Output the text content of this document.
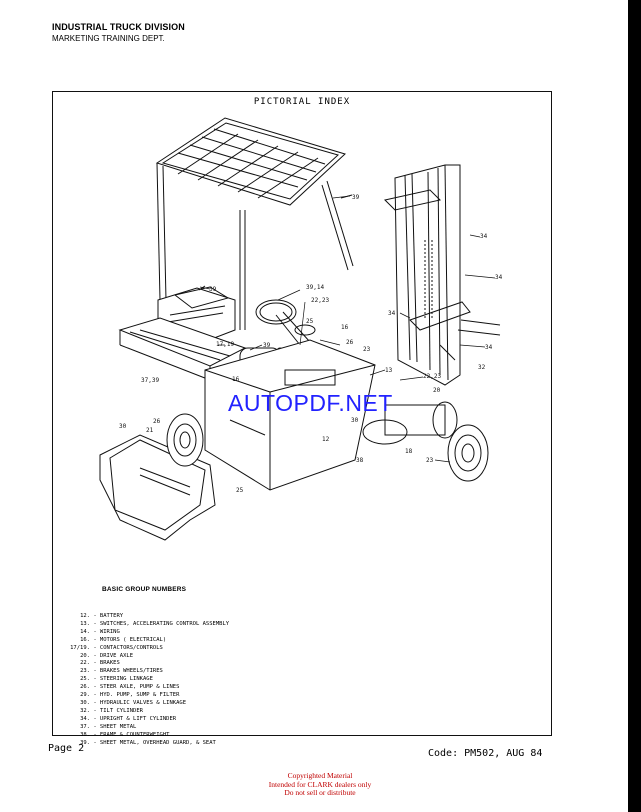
INDUSTRIAL TRUCK DIVISION
MARKETING TRAINING DEPT.
PICTORIAL INDEX
39
39	39,14
22,23
25
16
26
23
17,19	39
16
37,39
13
22,23
20
30
26
30
12
21
38
18
23
25
34
34
34
34
32
AUTOPDF.NET
BASIC GROUP NUMBERS
12. - BATTERY
13. - SWITCHES, ACCELERATING CONTROL ASSEMBLY
14. - WIRING
16. - MOTORS ( ELECTRICAL)
17/19. - CONTACTORS/CONTROLS
20. - DRIVE AXLE
22. - BRAKES
23. - BRAKES WHEELS/TIRES
25. - STEERING LINKAGE
26. - STEER AXLE, PUMP & LINES
29. - HYD. PUMP, SUMP & FILTER
30. - HYDRAULIC VALVES & LINKAGE
32. - TILT CYLINDER
34. - UPRIGHT & LIFT CYLINDER
37. - SHEET METAL
38. - FRAME & COUNTERWEIGHT
39. - SHEET METAL, OVERHEAD GUARD, & SEAT
Page 2	Code: PM502, AUG 84
Copyrighted Material
Intended for CLARK dealers only
Do not sell or distribute
